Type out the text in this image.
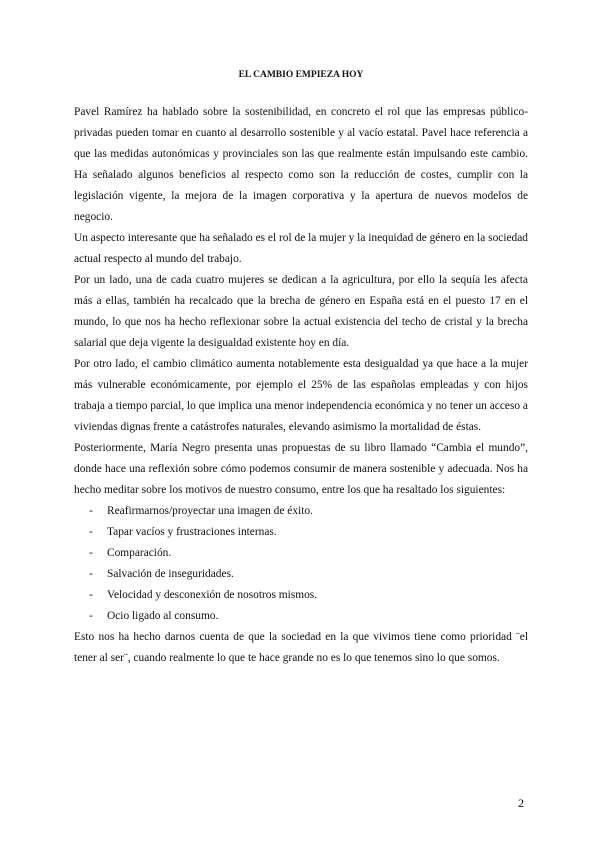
EL CAMBIO EMPIEZA HOY

Pavel Ramírez ha hablado sobre la sostenibilidad, en concreto el rol que las empresas público-privadas pueden tomar en cuanto al desarrollo sostenible y al vacío estatal. Pavel hace referencia a que las medidas autonómicas y provinciales son las que realmente están impulsando este cambio. Ha señalado algunos beneficios al respecto como son la reducción de costes, cumplir con la legislación vigente, la mejora de la imagen corporativa y la apertura de nuevos modelos de negocio.

Un aspecto interesante que ha señalado es el rol de la mujer y la inequidad de género en la sociedad actual respecto al mundo del trabajo.

Por un lado, una de cada cuatro mujeres se dedican a la agricultura, por ello la sequía les afecta más a ellas, también ha recalcado que la brecha de género en España está en el puesto 17 en el mundo, lo que nos ha hecho reflexionar sobre la actual existencia del techo de cristal y la brecha salarial que deja vigente la desigualdad existente hoy en día.

Por otro lado, el cambio climático aumenta notablemente esta desigualdad ya que hace a la mujer más vulnerable económicamente, por ejemplo el 25% de las españolas empleadas y con hijos trabaja a tiempo parcial, lo que implica una menor independencia económica y no tener un acceso a viviendas dignas frente a catástrofes naturales, elevando asimismo la mortalidad de éstas.

Posteriormente, María Negro presenta unas propuestas de su libro llamado “Cambia el mundo”, donde hace una reflexión sobre cómo podemos consumir de manera sostenible y adecuada. Nos ha hecho meditar sobre los motivos de nuestro consumo, entre los que ha resaltado los siguientes:

- Reafirmarnos/proyectar una imagen de éxito.
- Tapar vacíos y frustraciones internas.
- Comparación.
- Salvación de inseguridades.
- Velocidad y desconexión de nosotros mismos.
- Ocio ligado al consumo.

Esto nos ha hecho darnos cuenta de que la sociedad en la que vivimos tiene como prioridad ¨el tener al ser¨, cuando realmente lo que te hace grande no es lo que tenemos sino lo que somos.

2
